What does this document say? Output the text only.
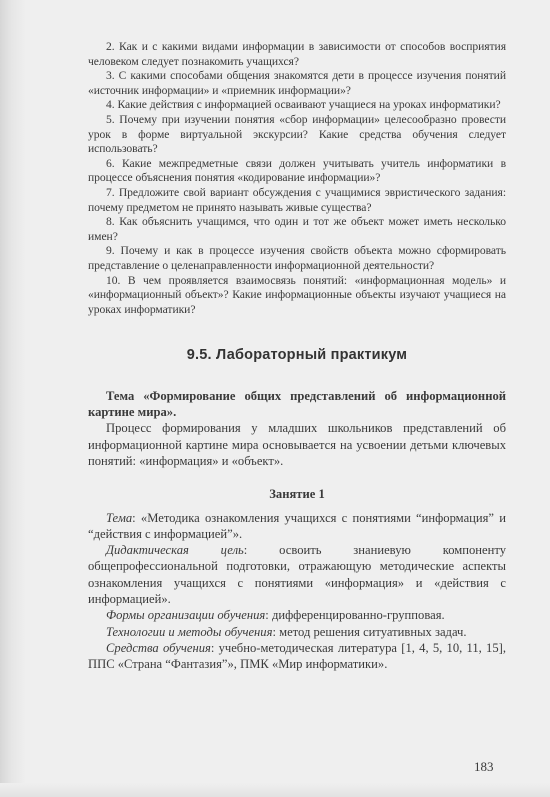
2. Как и с какими видами информации в зависимости от способов восприятия человеком следует познакомить учащихся?

3. С какими способами общения знакомятся дети в процессе изучения понятий «источник информации» и «приемник информации»?

4. Какие действия с информацией осваивают учащиеся на уроках информатики?

5. Почему при изучении понятия «сбор информации» целесообразно провести урок в форме виртуальной экскурсии? Какие средства обучения следует использовать?

6. Какие межпредметные связи должен учитывать учитель информатики в процессе объяснения понятия «кодирование информации»?

7. Предложите свой вариант обсуждения с учащимися эвристического задания: почему предметом не принято называть живые существа?

8. Как объяснить учащимся, что один и тот же объект может иметь несколько имен?

9. Почему и как в процессе изучения свойств объекта можно сформировать представление о целенаправленности информационной деятельности?

10. В чем проявляется взаимосвязь понятий: «информационная модель» и «информационный объект»? Какие информационные объекты изучают учащиеся на уроках информатики?

9.5. Лабораторный практикум

Тема «Формирование общих представлений об информационной картине мира».

Процесс формирования у младших школьников представлений об информационной картине мира основывается на усвоении детьми ключевых понятий: «информация» и «объект».

Занятие 1

Тема: «Методика ознакомления учащихся с понятиями “информация” и “действия с информацией”».

Дидактическая цель: освоить знаниевую компоненту общепрофессиональной подготовки, отражающую методические аспекты ознакомления учащихся с понятиями «информация» и «действия с информацией».

Формы организации обучения: дифференцированно-групповая.

Технологии и методы обучения: метод решения ситуативных задач.

Средства обучения: учебно-методическая литература [1, 4, 5, 10, 11, 15], ППС «Страна “Фантазия”», ПМК «Мир информатики».

183
